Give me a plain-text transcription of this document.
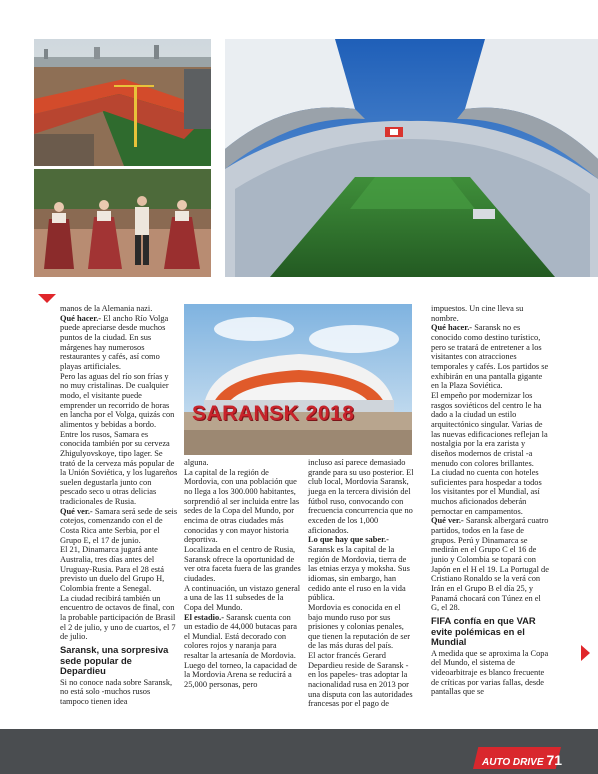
SARANSK 2018

manos de la Alemania nazi.

Qué hacer.- El ancho Río Volga puede apreciarse desde muchos puntos de la ciudad. En sus márgenes hay numerosos restaurantes y cafés, así como playas artificiales.

Pero las aguas del río son frías y no muy cristalinas. De cualquier modo, el visitante puede emprender un recorrido de horas en lancha por el Volga, quizás con alimentos y bebidas a bordo.

Entre los rusos, Samara es conocida también por su cerveza Zhigulyovskoye, tipo lager. Se trató de la cerveza más popular de la Unión Soviética, y los lugareños suelen degustarla junto con pescado seco u otras delicias tradicionales de Rusia.

Qué ver.- Samara será sede de seis cotejos, comenzando con el de Costa Rica ante Serbia, por el Grupo E, el 17 de junio.

El 21, Dinamarca jugará ante Australia, tres días antes del Uruguay-Rusia. Para el 28 está previsto un duelo del Grupo H, Colombia frente a Senegal.

La ciudad recibirá también un encuentro de octavos de final, con la probable participación de Brasil el 2 de julio, y uno de cuartos, el 7 de julio.

Saransk, una sorpresiva sede popular de Depardieu

Si no conoce nada sobre Saransk, no está solo -muchos rusos tampoco tienen idea

alguna.

La capital de la región de Mordovia, con una población que no llega a los 300.000 habitantes, sorprendió al ser incluida entre las sedes de la Copa del Mundo, por encima de otras ciudades más conocidas y con mayor historia deportiva.

Localizada en el centro de Rusia, Saransk ofrece la oportunidad de ver otra faceta fuera de las grandes ciudades.

A continuación, un vistazo general a una de las 11 subsedes de la Copa del Mundo.

El estadio.- Saransk cuenta con un estadio de 44,000 butacas para el Mundial. Está decorado con colores rojos y naranja para resaltar la artesanía de Mordovia.

Luego del torneo, la capacidad de la Mordovia Arena se reducirá a 25,000 personas, pero

incluso así parece demasiado grande para su uso posterior. El club local, Mordovia Saransk, juega en la tercera división del fútbol ruso, convocando con frecuencia concurrencia que no exceden de los 1,000 aficionados.

Lo que hay que saber.- Saransk es la capital de la región de Mordovia, tierra de las etnias erzya y moksha. Sus idiomas, sin embargo, han cedido ante el ruso en la vida pública.

Mordovia es conocida en el bajo mundo ruso por sus prisiones y colonias penales, que tienen la reputación de ser de las más duras del país.

El actor francés Gerard Depardieu reside de Saransk -en los papeles- tras adoptar la nacionalidad rusa en 2013 por una disputa con las autoridades francesas por el pago de

impuestos. Un cine lleva su nombre.

Qué hacer.- Saransk no es conocido como destino turístico, pero se tratará de entretener a los visitantes con atracciones temporales y cafés. Los partidos se exhibirán en una pantalla gigante en la Plaza Soviética.

El empeño por modernizar los rasgos soviéticos del centro le ha dado a la ciudad un estilo arquitectónico singular. Varias de las nuevas edificaciones reflejan la nostalgia por la era zarista y diseños modernos de cristal -a menudo con colores brillantes.

La ciudad no cuenta con hoteles suficientes para hospedar a todos los visitantes por el Mundial, así muchos aficionados deberán pernoctar en campamentos.

Qué ver.- Saransk albergará cuatro partidos, todos en la fase de grupos. Perú y Dinamarca se medirán en el Grupo C el 16 de junio y Colombia se topará con Japón en el H el 19. La Portugal de Cristiano Ronaldo se la verá con Irán en el Grupo B el día 25, y Panamá chocará con Túnez en el G, el 28.

FIFA confía en que VAR evite polémicas en el Mundial

A medida que se aproxima la Copa del Mundo, el sistema de videoarbitraje es blanco frecuente de críticas por varias fallas, desde pantallas que se

AUTO DRIVE 71
